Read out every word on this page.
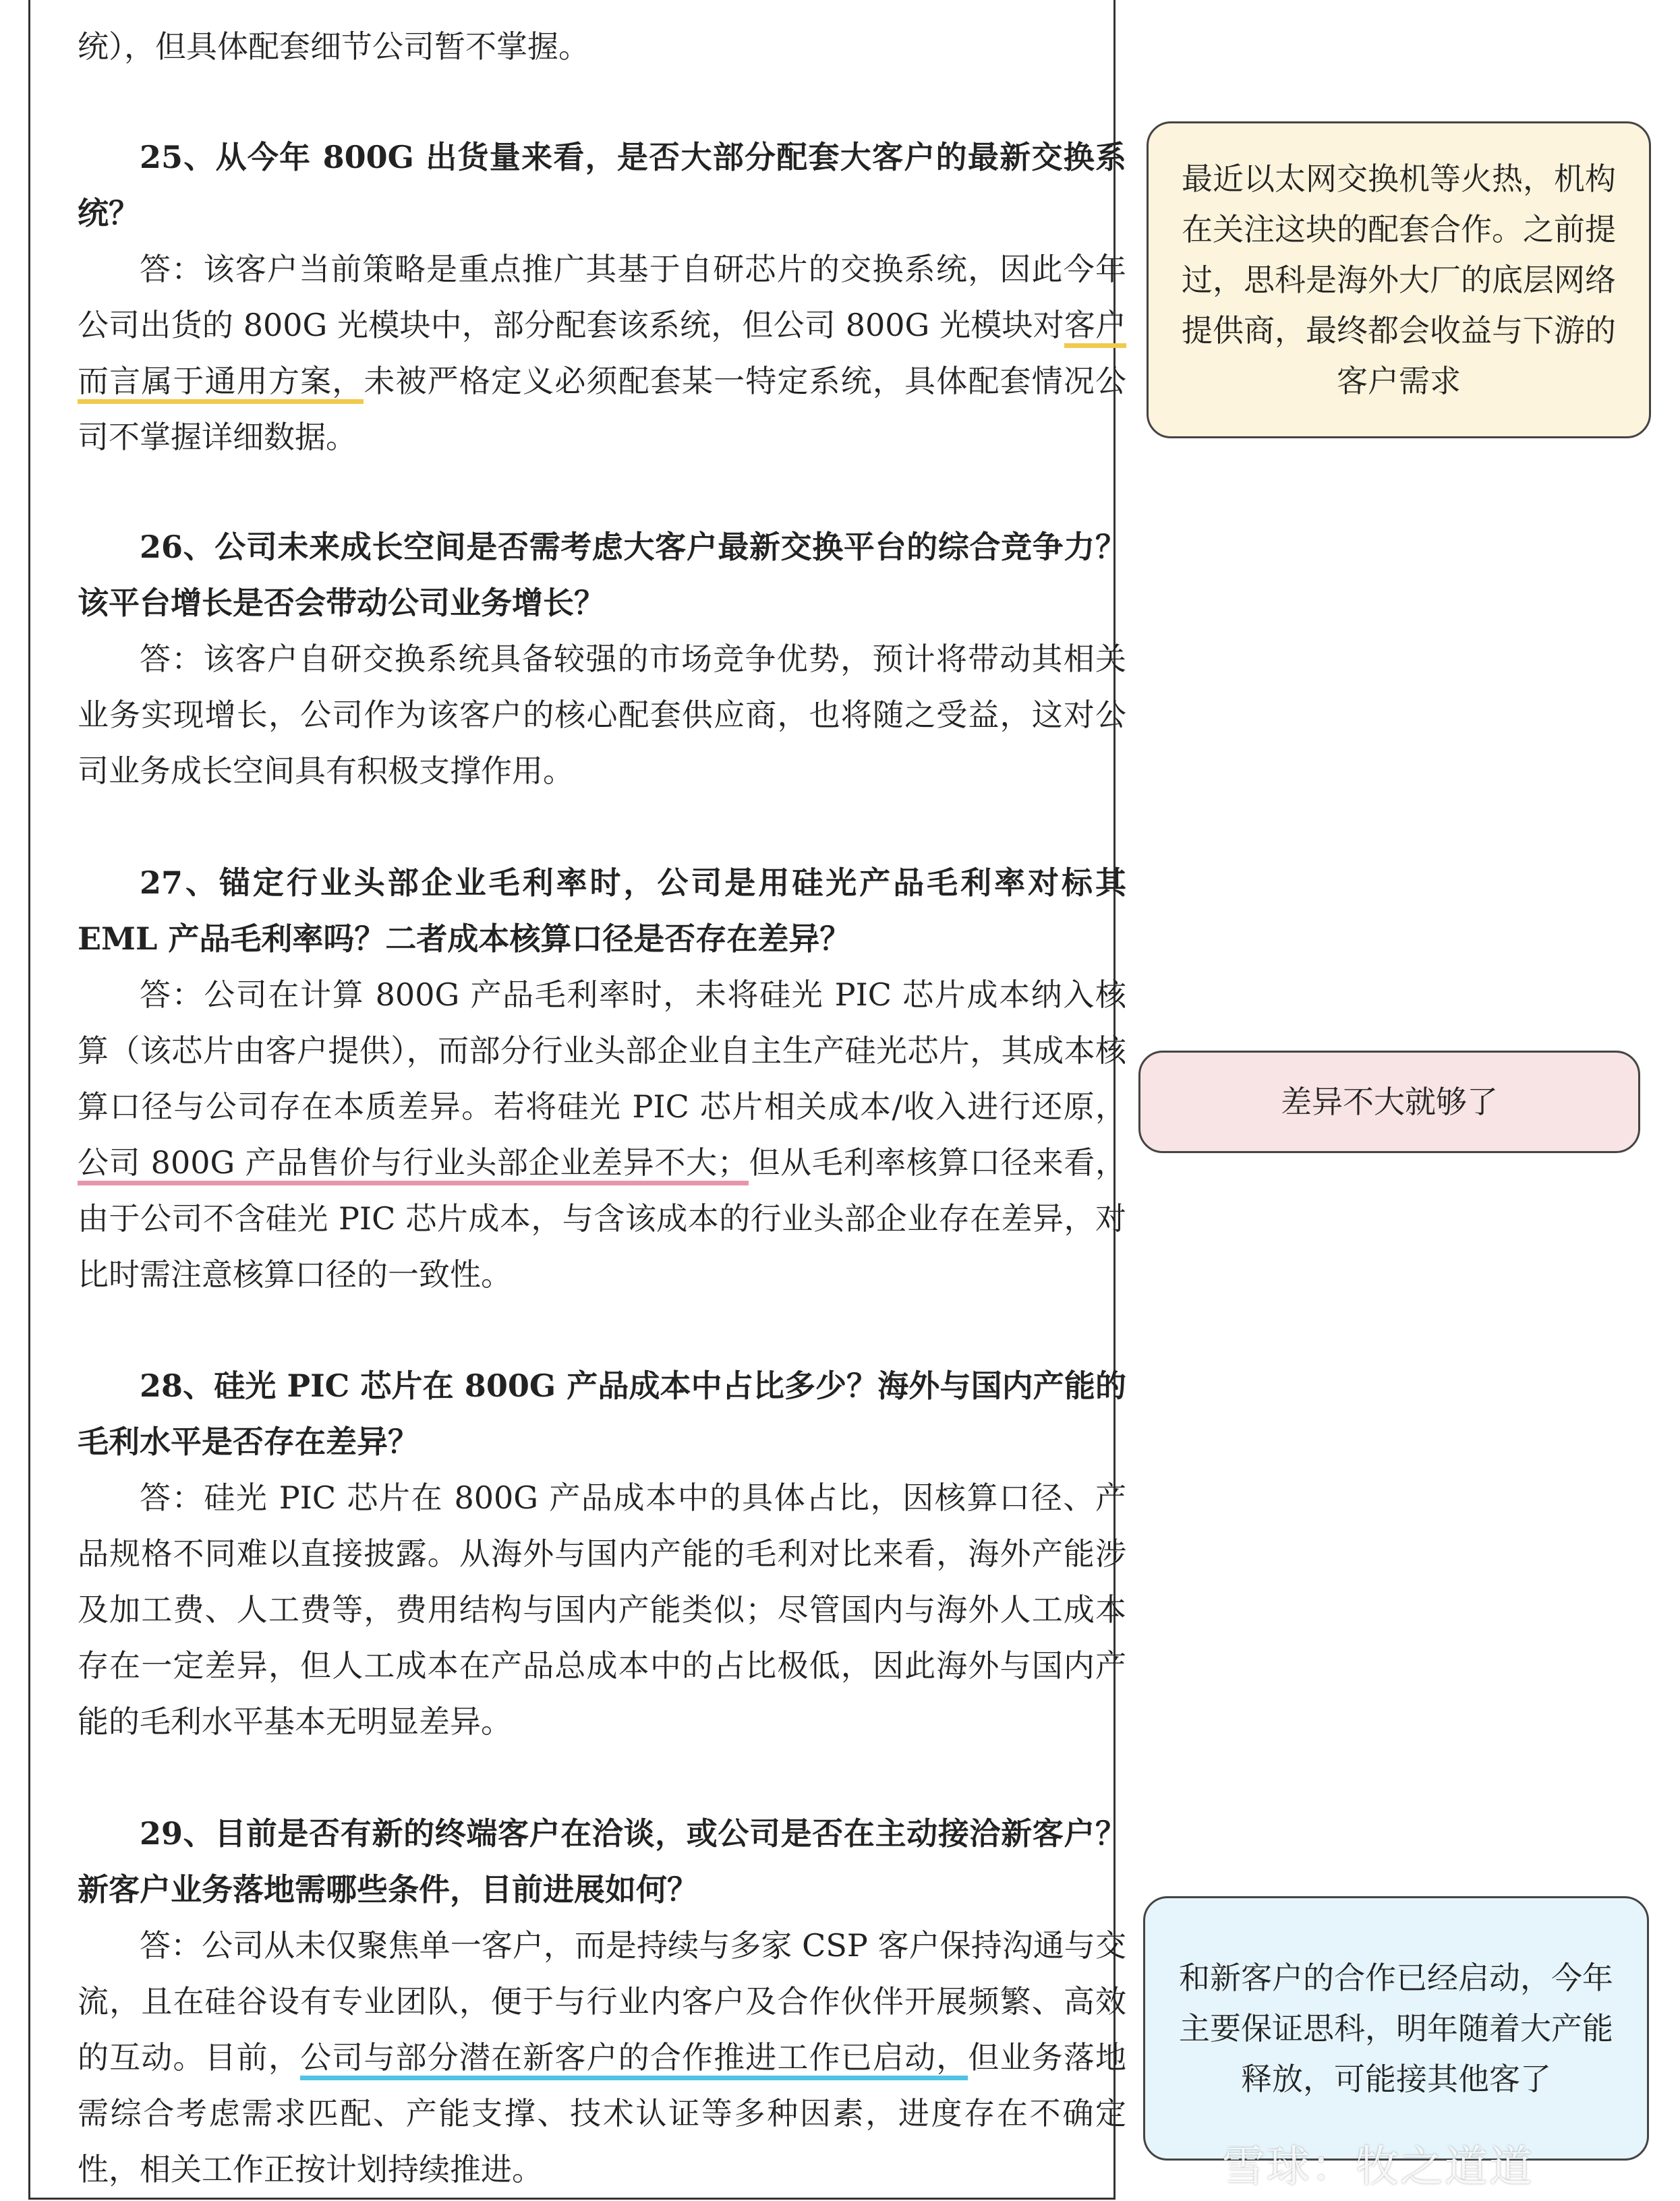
统），但具体配套细节公司暂不掌握。
25、从今年 800G 出货量来看，是否大部分配套大客户的最新交换系统？
答：该客户当前策略是重点推广其基于自研芯片的交换系统，因此今年公司出货的 800G 光模块中，部分配套该系统，但公司 800G 光模块对客户而言属于通用方案，未被严格定义必须配套某一特定系统，具体配套情况公司不掌握详细数据。
26、公司未来成长空间是否需考虑大客户最新交换平台的综合竞争力？该平台增长是否会带动公司业务增长？
答：该客户自研交换系统具备较强的市场竞争优势，预计将带动其相关业务实现增长，公司作为该客户的核心配套供应商，也将随之受益，这对公司业务成长空间具有积极支撑作用。
27、锚定行业头部企业毛利率时，公司是用硅光产品毛利率对标其 EML 产品毛利率吗？二者成本核算口径是否存在差异？
答：公司在计算 800G 产品毛利率时，未将硅光 PIC 芯片成本纳入核算（该芯片由客户提供），而部分行业头部企业自主生产硅光芯片，其成本核算口径与公司存在本质差异。若将硅光 PIC 芯片相关成本/收入进行还原，公司 800G 产品售价与行业头部企业差异不大；但从毛利率核算口径来看，由于公司不含硅光 PIC 芯片成本，与含该成本的行业头部企业存在差异，对比时需注意核算口径的一致性。
28、硅光 PIC 芯片在 800G 产品成本中占比多少？海外与国内产能的毛利水平是否存在差异？
答：硅光 PIC 芯片在 800G 产品成本中的具体占比，因核算口径、产品规格不同难以直接披露。从海外与国内产能的毛利对比来看，海外产能涉及加工费、人工费等，费用结构与国内产能类似；尽管国内与海外人工成本存在一定差异，但人工成本在产品总成本中的占比极低，因此海外与国内产能的毛利水平基本无明显差异。
29、目前是否有新的终端客户在洽谈，或公司是否在主动接洽新客户？新客户业务落地需哪些条件，目前进展如何？
答：公司从未仅聚焦单一客户，而是持续与多家 CSP 客户保持沟通与交流，且在硅谷设有专业团队，便于与行业内客户及合作伙伴开展频繁、高效的互动。目前，公司与部分潜在新客户的合作推进工作已启动，但业务落地需综合考虑需求匹配、产能支撑、技术认证等多种因素，进度存在不确定性，相关工作正按计划持续推进。
最近以太网交换机等火热，机构在关注这块的配套合作。之前提过，思科是海外大厂的底层网络提供商，最终都会收益与下游的客户需求
差异不大就够了
和新客户的合作已经启动，今年主要保证思科，明年随着大产能释放，可能接其他客了
雪球：牧之道道
